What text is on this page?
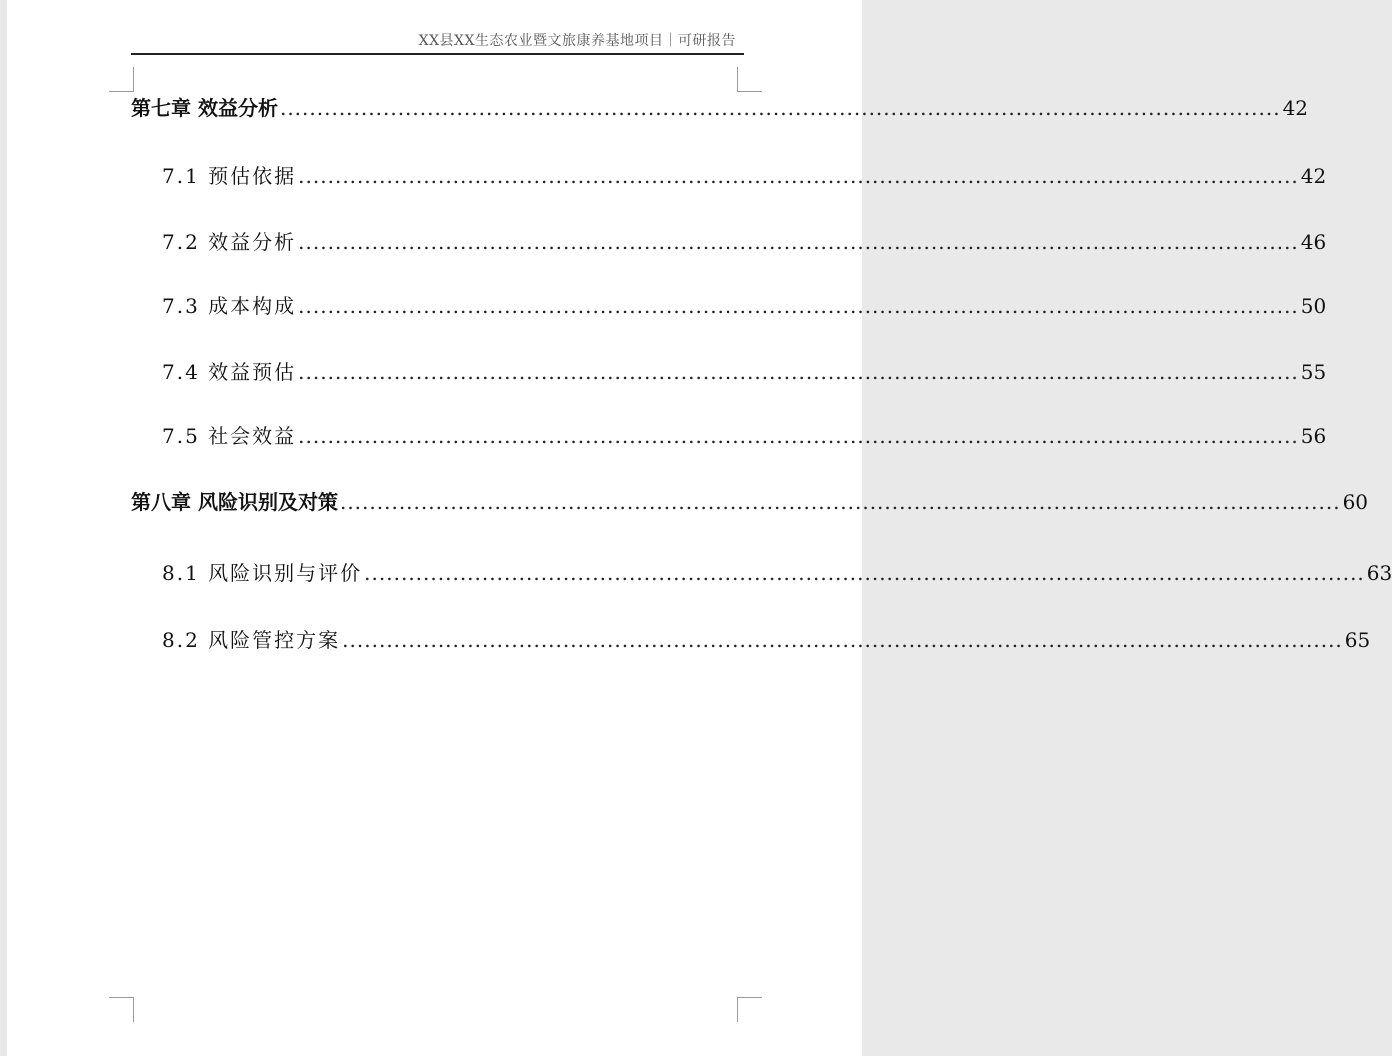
XX县XX生态农业暨文旅康养基地项目｜可研报告
第七章 效益分析 ........................................................................................................................................ 42
7.1 预估依据 ........................................................................................................................................ 42
7.2 效益分析 ........................................................................................................................................ 46
7.3 成本构成 ........................................................................................................................................ 50
7.4 效益预估 ........................................................................................................................................ 55
7.5 社会效益 ........................................................................................................................................ 56
第八章 风险识别及对策 ........................................................................................................................................ 60
8.1 风险识别与评价 ........................................................................................................................................ 63
8.2 风险管控方案 ........................................................................................................................................ 65
